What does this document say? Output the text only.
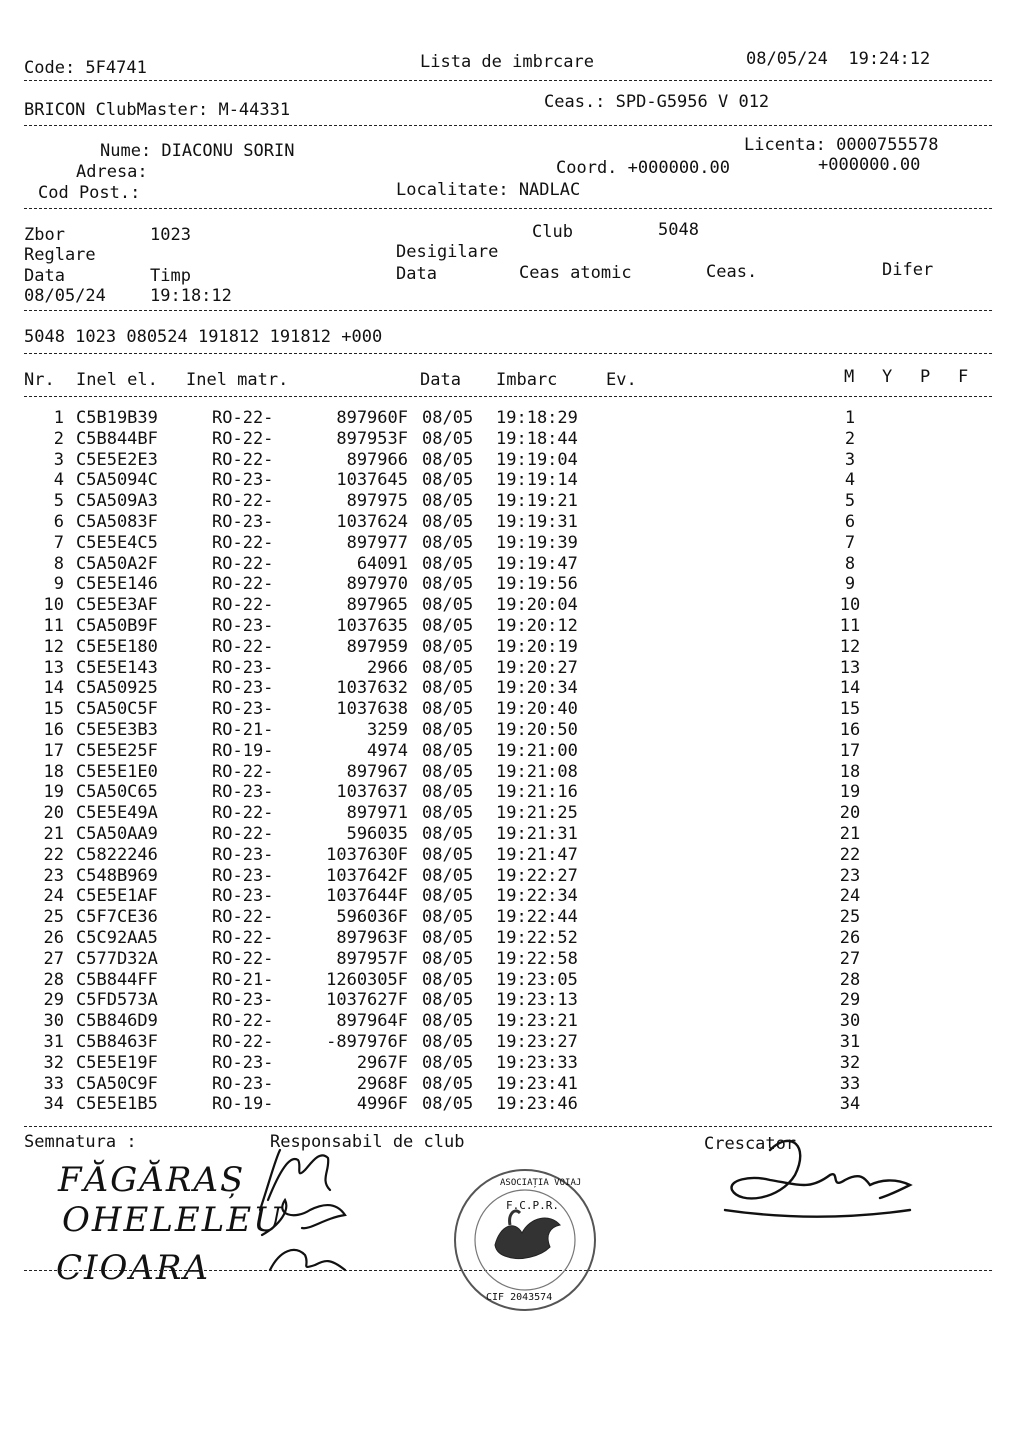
Code: 5F4741	Lista de imbrcare	08/05/24  19:24:12
BRICON ClubMaster: M-44331	Ceas.: SPD-G5956 V 012
Licenta: 0000755578
Nume: DIACONU SORIN
Adresa:	Coord. +000000.00	+000000.00
Cod Post.:	Localitate: NADLAC
Zbor	1023	Club	5048
Reglare	Desigilare
Data	Timp	Data	Ceas atomic	Ceas.	Difer
08/05/24	19:18:12
5048 1023 080524 191812 191812 +000
Nr. Inel el. Inel matr.	Data Imbarc	Ev.	M Y P F
1 C5B19B39	RO-22-	897960F 08/05 19:18:29	1
2 C5B844BF	RO-22-	897953F 08/05 19:18:44	2
3 C5E5E2E3	RO-22-	897966 08/05 19:19:04	3
4 C5A5094C	RO-23-	1037645 08/05 19:19:14	4
5 C5A509A3	RO-22-	897975 08/05 19:19:21	5
6 C5A5083F	RO-23-	1037624 08/05 19:19:31	6
7 C5E5E4C5	RO-22-	897977 08/05 19:19:39	7
8 C5A50A2F	RO-22-	64091 08/05 19:19:47	8
9 C5E5E146	RO-22-	897970 08/05 19:19:56	9
10 C5E5E3AF	RO-22-	897965 08/05 19:20:04	10
11 C5A50B9F	RO-23-	1037635 08/05 19:20:12	11
12 C5E5E180	RO-22-	897959 08/05 19:20:19	12
13 C5E5E143	RO-23-	2966 08/05 19:20:27	13
14 C5A50925	RO-23-	1037632 08/05 19:20:34	14
15 C5A50C5F	RO-23-	1037638 08/05 19:20:40	15
16 C5E5E3B3	RO-21-	3259 08/05 19:20:50	16
17 C5E5E25F	RO-19-	4974 08/05 19:21:00	17
18 C5E5E1E0	RO-22-	897967 08/05 19:21:08	18
19 C5A50C65	RO-23-	1037637 08/05 19:21:16	19
20 C5E5E49A	RO-22-	897971 08/05 19:21:25	20
21 C5A50AA9	RO-22-	596035 08/05 19:21:31	21
22 C5822246	RO-23-	1037630F 08/05 19:21:47	22
23 C548B969	RO-23-	1037642F 08/05 19:22:27	23
24 C5E5E1AF	RO-23-	1037644F 08/05 19:22:34	24
25 C5F7CE36	RO-22-	596036F 08/05 19:22:44	25
26 C5C92AA5	RO-22-	897963F 08/05 19:22:52	26
27 C577D32A	RO-22-	897957F 08/05 19:22:58	27
28 C5B844FF	RO-21-	1260305F 08/05 19:23:05	28
29 C5FD573A	RO-23-	1037627F 08/05 19:23:13	29
30 C5B846D9	RO-22-	897964F 08/05 19:23:21	30
31 C5B8463F	RO-22-	-897976F 08/05 19:23:27	31
32 C5E5E19F	RO-23-	2967F 08/05 19:23:33	32
33 C5A50C9F	RO-23-	2968F 08/05 19:23:41	33
34 C5E5E1B5	RO-19-	4996F 08/05 19:23:46	34
Semnatura :	Responsabil de club	Crescator
FĂGĂRAȘ
OHELELEU
CIOARA
ASOCIAȚIA VOIAJ
F.C.P.R.
CIF 2043574
